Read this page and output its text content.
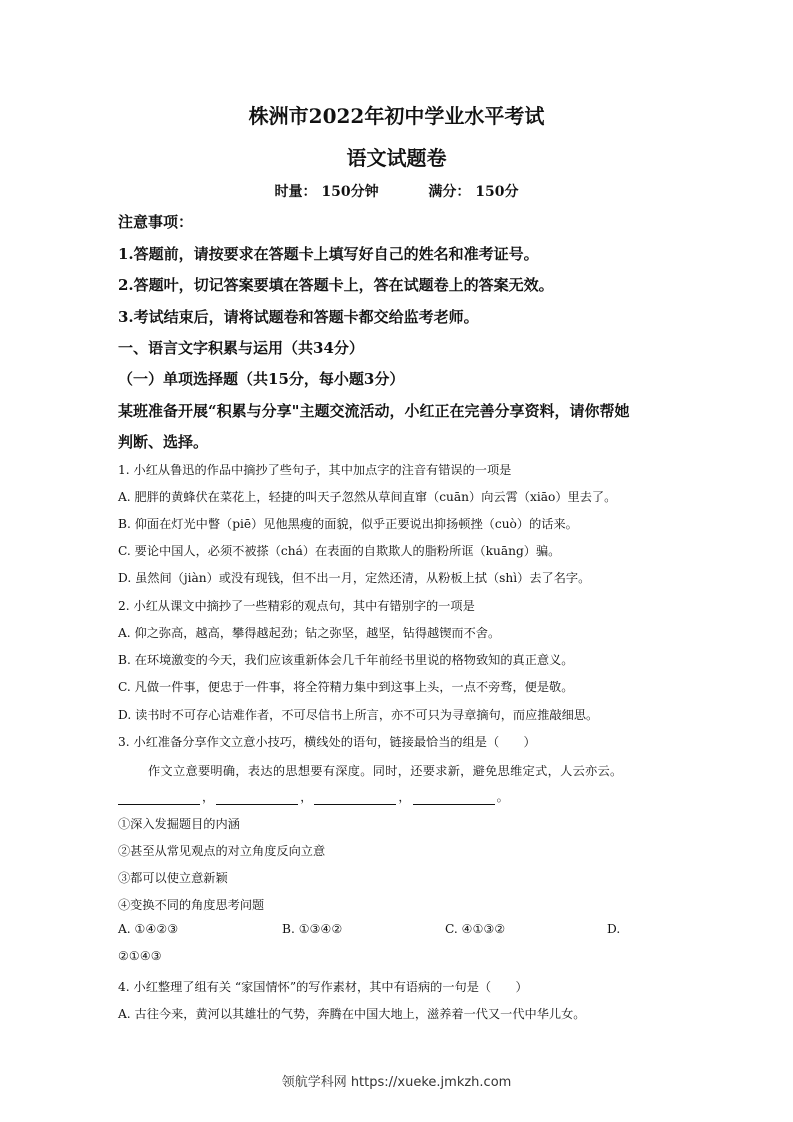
株洲市2022年初中学业水平考试
语文试题卷
时量： 150分钟	满分： 150分
注意事项：
1.答题前，请按要求在答题卡上填写好自己的姓名和准考证号。
2.答题叶，切记答案要填在答题卡上，答在试题卷上的答案无效。
3.考试结束后，请将试题卷和答题卡都交给监考老师。
一、语言文字积累与运用（共34分）
（一）单项选择题（共15分，每小题3分）
某班准备开展“积累与分享"主题交流活动，小红正在完善分享资料，请你帮她
判断、选择。
1. 小红从鲁迅的作品中摘抄了些句子，其中加点字的注音有错误的一项是
A. 肥胖的黄蜂伏在菜花上，轻捷的叫天子忽然从草间直窜（cuān）向云霄（xiāo）里去了。
B. 仰面在灯光中瞥（piē）见他黑瘦的面貌，似乎正要说出抑扬顿挫（cuò）的话来。
C. 要论中国人，必须不被搽（chá）在表面的自欺欺人的脂粉所诓（kuāng）骗。
D. 虽然间（jiàn）或没有现钱，但不出一月，定然还清，从粉板上拭（shì）去了名字。
2. 小红从课文中摘抄了一些精彩的观点句，其中有错别字的一项是
A. 仰之弥高，越高，攀得越起劲；钻之弥坚，越坚，钻得越锲而不舍。
B. 在环境激变的今天，我们应该重新体会几千年前经书里说的格物致知的真正意义。
C. 凡做一件事，便忠于一件事，将全符精力集中到这事上头，一点不旁骛，便是敬。
D. 读书时不可存心诘难作者，不可尽信书上所言，亦不可只为寻章摘句，而应推敲细思。
3. 小红准备分享作文立意小技巧，横线处的语句，链接最恰当的组是（　　）
作文立意要明确，表达的思想要有深度。同时，还要求新，避免思维定式，人云亦云。
，	，	，	。
①深入发掘题目的内涵
②甚至从常见观点的对立角度反向立意
③都可以使立意新颖
④变换不同的角度思考问题
A. ①④②③	B. ①③④②	C. ④①③②	D.
②①④③
4. 小红整理了组有关 “家国情怀”的写作素材，其中有语病的一句是（　　）
A. 古往今来，黄河以其雄壮的气势，奔腾在中国大地上，滋养着一代又一代中华儿女。
领航学科网 https://xueke.jmkzh.com
